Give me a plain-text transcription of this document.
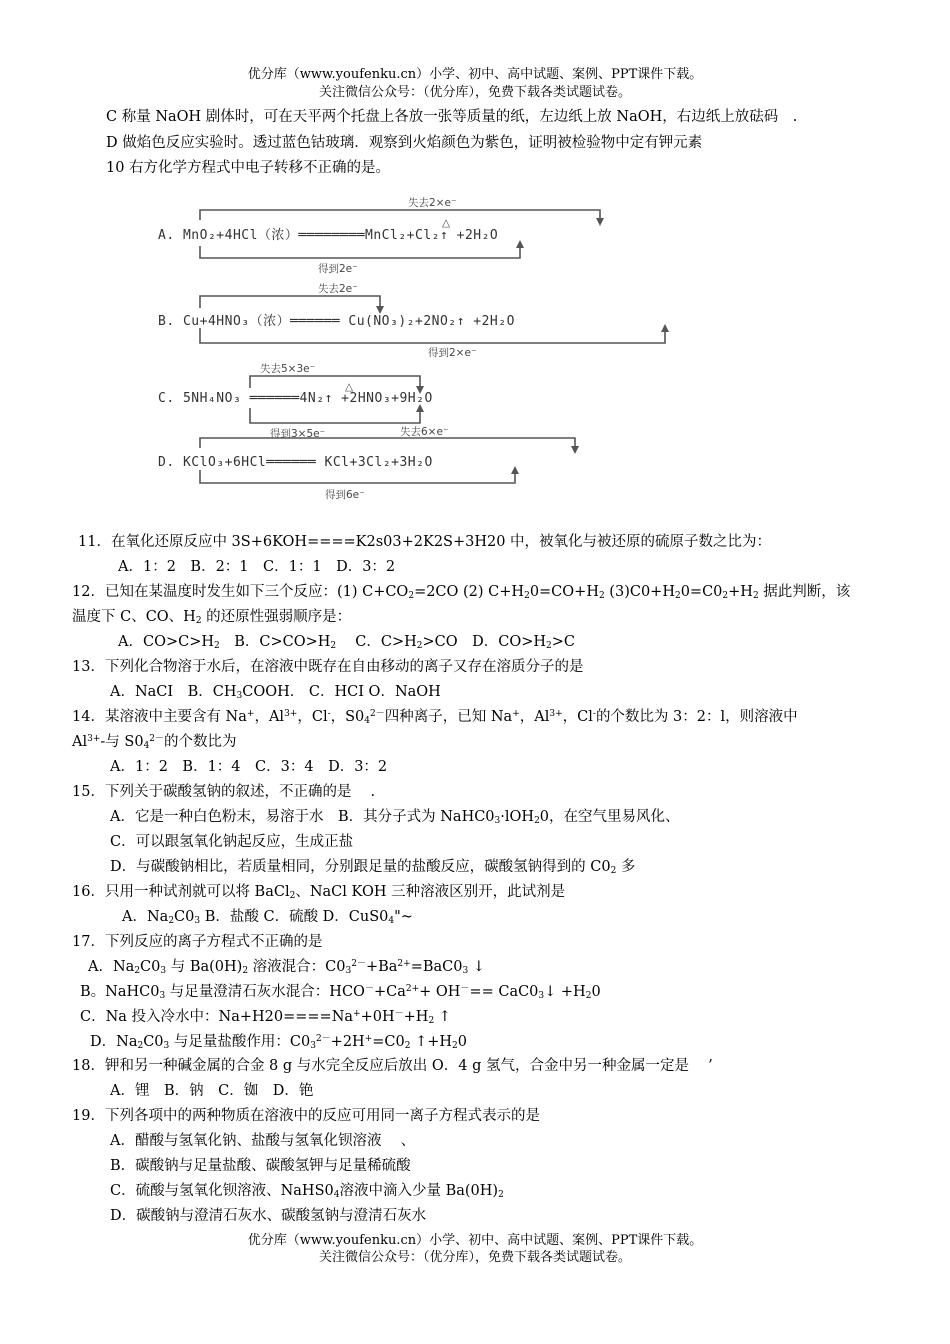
优分库（www.youfenku.cn）小学、初中、高中试题、案例、PPT课件下载。
关注微信公众号：（优分库），免费下载各类试题试卷。
C 称量 NaOH 剧体时，可在天平两个托盘上各放一张等质量的纸，左边纸上放 NaOH，右边纸上放砝码　.
D 做焰色反应实验时。透过蓝色钴玻璃．观察到火焰颜色为紫色，证明被检验物中定有钾元素
10 右方化学方程式中电子转移不正确的是。
A. MnO₂+4HCl（浓）════════MnCl₂+Cl₂↑ +2H₂O
失去2×e⁻
△
得到2e⁻
B. Cu+4HNO₃（浓）══════ Cu(NO₃)₂+2NO₂↑ +2H₂O
失去2e⁻
得到2×e⁻
C. 5NH₄NO₃ ══════4N₂↑ +2HNO₃+9H₂O
失去5×3e⁻
△
得到3×5e⁻
D. KClO₃+6HCl══════ KCl+3Cl₂+3H₂O
失去6×e⁻
得到6e⁻
11．在氧化还原反应中 3S+6KOH====K2s03+2K2S+3H20 中，被氧化与被还原的硫原子数之比为：
A．1：2　B．2：1　C．1：1　D．3：2
12．已知在某温度时发生如下三个反应：(1) $C+CO_2=2CO$ (2) $C+H_20=CO+H_2$ $(3)C0+H_20=C0_2+H_2$ 据此判断，该
温度下 C、CO、$H_2$ 的还原性强弱顺序是：
A．$CO>C>H_2$　B．$C>CO>H_2$　 C．$C>H_2>CO$　D．$CO>H_2>C$
13．下列化合物溶于水后，在溶液中既存在自由移动的离子又存在溶质分子的是
A．NaCI　B．$CH_3COOH$． C．HCI O．NaOH
14．某溶液中主要含有 Na+，$Al^{3+}$，Cl-，$S0_4^{2-}$四种离子，已知 Na+，$Al^{3+}$，Cl-的个数比为 3：2：l，则溶液中
$Al^{3+}-$与 $S0_4^{2-}$的个数比为
A．1：2　B．1：4　C．3：4　D．3：2
15．下列关于碳酸氢钠的叙述，不正确的是　 .
A．它是一种白色粉末，易溶于水　B．其分子式为 $NaHC0_3\cdot lOH_20$，在空气里易风化、
C．可以跟氢氧化钠起反应，生成正盐
D．与碳酸钠相比，若质量相同，分别跟足量的盐酸反应，碳酸氢钠得到的 $C0_2$ 多
16．只用一种试剂就可以将 BaCl$_2$、NaCl KOH 三种溶液区别开，此试剂是
A．$Na_2C0_3$ B．盐酸 C．硫酸 D．$CuS0_4"\sim$
17．下列反应的离子方程式不正确的是
A．$Na_2C0_3$ 与 $Ba(0H)_2$ 溶液混合：$C0_3^{2-}+Ba^{2+}=BaC0_3$ ↓
B。$NaHC0_3$ 与足量澄清石灰水混合：$HCO^-+Ca^{2+}+ OH^-==$ $CaC0_3↓ +H_20$
C．Na 投入冷水中：$Na+H20====Na^++0H^-+H_2$ ↑
D．$Na_2C0_3$ 与足量盐酸作用：$C0_3^{2-}+2H^+=C0_2$ $↑+H_20$
18．钾和另一种碱金属的合金 8 g 与水完全反应后放出 O．4 g 氢气，合金中另一种金属一定是　 ’
A．锂　B．钠　C．铷　D．铯
19．下列各项中的两种物质在溶液中的反应可用同一离子方程式表示的是
A．醋酸与氢氧化钠、盐酸与氢氧化钡溶液　 、
B．碳酸钠与足量盐酸、碳酸氢钾与足量稀硫酸
C．硫酸与氢氧化钡溶液、$NaHS0_4$溶液中滴入少量 $Ba(0H)_2$
D．碳酸钠与澄清石灰水、碳酸氢钠与澄清石灰水
优分库（www.youfenku.cn）小学、初中、高中试题、案例、PPT课件下载。
关注微信公众号：（优分库），免费下载各类试题试卷。
